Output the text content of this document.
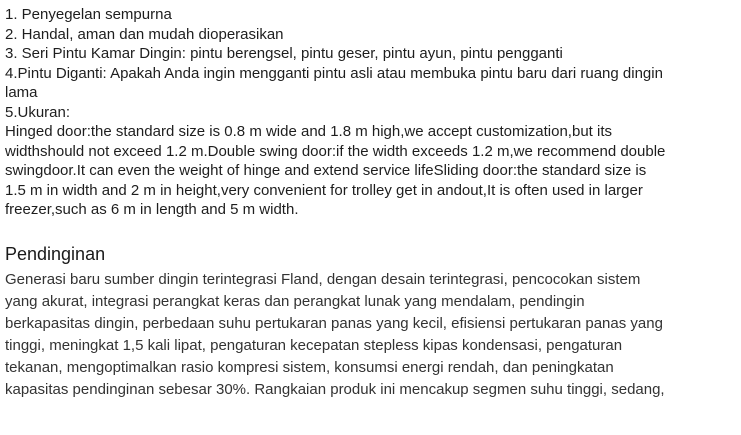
1. Penyegelan sempurna

2. Handal, aman dan mudah dioperasikan

3. Seri Pintu Kamar Dingin: pintu berengsel, pintu geser, pintu ayun, pintu pengganti

4.Pintu Diganti: Apakah Anda ingin mengganti pintu asli atau membuka pintu baru dari ruang dingin

lama

5.Ukuran:

Hinged door:the standard size is 0.8 m wide and 1.8 m high,we accept customization,but its

widthshould not exceed 1.2 m.Double swing door:if the width exceeds 1.2 m,we recommend double

swingdoor.It can even the weight of hinge and extend service lifeSliding door:the standard size is

1.5 m in width and 2 m in height,very convenient for trolley get in andout,It is often used in larger

freezer,such as 6 m in length and 5 m width.

Pendinginan

Generasi baru sumber dingin terintegrasi Fland, dengan desain terintegrasi, pencocokan sistem

yang akurat, integrasi perangkat keras dan perangkat lunak yang mendalam, pendingin

berkapasitas dingin, perbedaan suhu pertukaran panas yang kecil, efisiensi pertukaran panas yang

tinggi, meningkat 1,5 kali lipat, pengaturan kecepatan stepless kipas kondensasi, pengaturan

tekanan, mengoptimalkan rasio kompresi sistem, konsumsi energi rendah, dan peningkatan

kapasitas pendinginan sebesar 30%. Rangkaian produk ini mencakup segmen suhu tinggi, sedang,
